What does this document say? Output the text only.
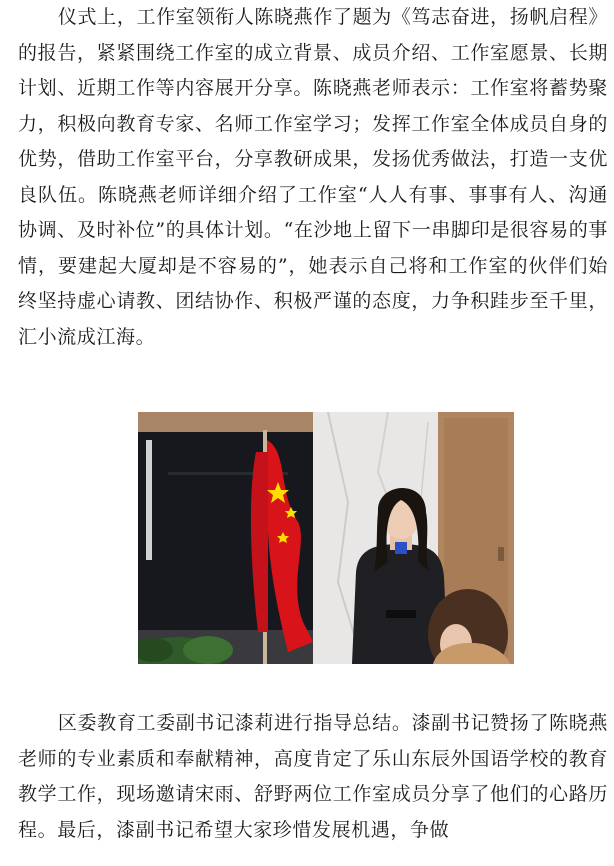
仪式上，工作室领衔人陈晓燕作了题为《笃志奋进，扬帆启程》的报告，紧紧围绕工作室的成立背景、成员介绍、工作室愿景、长期计划、近期工作等内容展开分享。陈晓燕老师表示：工作室将蓄势聚力，积极向教育专家、名师工作室学习；发挥工作室全体成员自身的优势，借助工作室平台，分享教研成果，发扬优秀做法，打造一支优良队伍。陈晓燕老师详细介绍了工作室“人人有事、事事有人、沟通协调、及时补位”的具体计划。“在沙地上留下一串脚印是很容易的事情，要建起大厦却是不容易的”，她表示自己将和工作室的伙伴们始终坚持虚心请教、团结协作、积极严谨的态度，力争积跬步至千里，汇小流成江海。

区委教育工委副书记漆莉进行指导总结。漆副书记赞扬了陈晓燕老师的专业素质和奉献精神，高度肯定了乐山东辰外国语学校的教育教学工作，现场邀请宋雨、舒野两位工作室成员分享了他们的心路历程。最后，漆副书记希望大家珍惜发展机遇，争做
